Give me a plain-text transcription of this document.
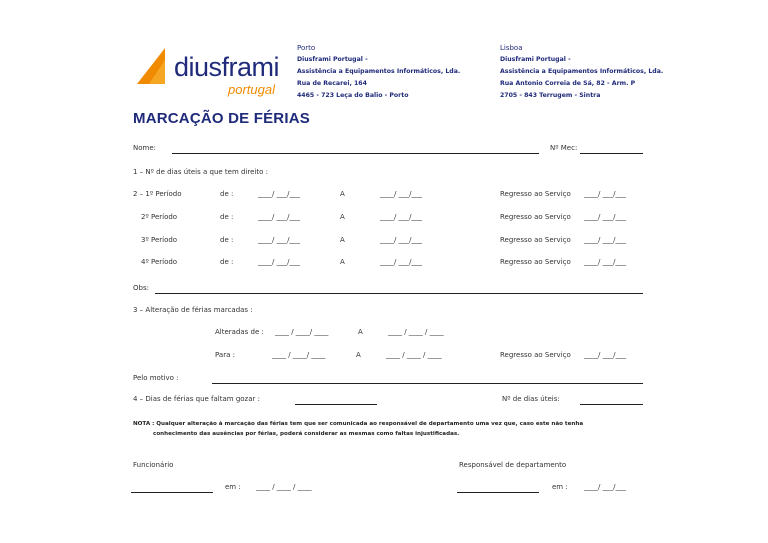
diusframi
portugal
Porto
Diusframi Portugal -
Assistência a Equipamentos Informáticos, Lda.
Rua de Recarei, 164
4465 - 723 Leça do Balio - Porto
Lisboa
Diusframi Portugal -
Assistência a Equipamentos Informáticos, Lda.
Rua Antonio Correia de Sá, 82 - Arm. P
2705 - 843 Terrugem - Sintra
MARCAÇÃO DE FÉRIAS
Nome:	Nº Mec:
1 – Nº de dias úteis a que tem direito :
2 – 1º Período	de :	____/ ___/___	A	____/ ___/___	Regresso ao Serviço ____/ ___/___
2º Período	de :	____/ ___/___	A	____/ ___/___	Regresso ao Serviço ____/ ___/___
3º Período	de :	____/ ___/___	A	____/ ___/___	Regresso ao Serviço ____/ ___/___
4º Período	de :	____/ ___/___	A	____/ ___/___	Regresso ao Serviço ____/ ___/___
Obs:
3 – Alteração de férias marcadas :
Alteradas de : ____ / ____/ ____	A	____ / ____ / ____
Para :	____ / ____/ ____	A	____ / ____ / ____	Regresso ao Serviço ____/ ___/___
Pelo motivo :
4 – Dias de férias que faltam gozar :	Nº de dias úteis:
NOTA : Qualquer alteração à marcação das férias tem que ser comunicada ao responsável de departamento uma vez que, caso este não tenha
conhecimento das ausências por férias, poderá considerar as mesmas como faltas injustificadas.
Funcionário
em : ____ / ____ / ____
Responsável de departamento
em : ____/ ___/___
